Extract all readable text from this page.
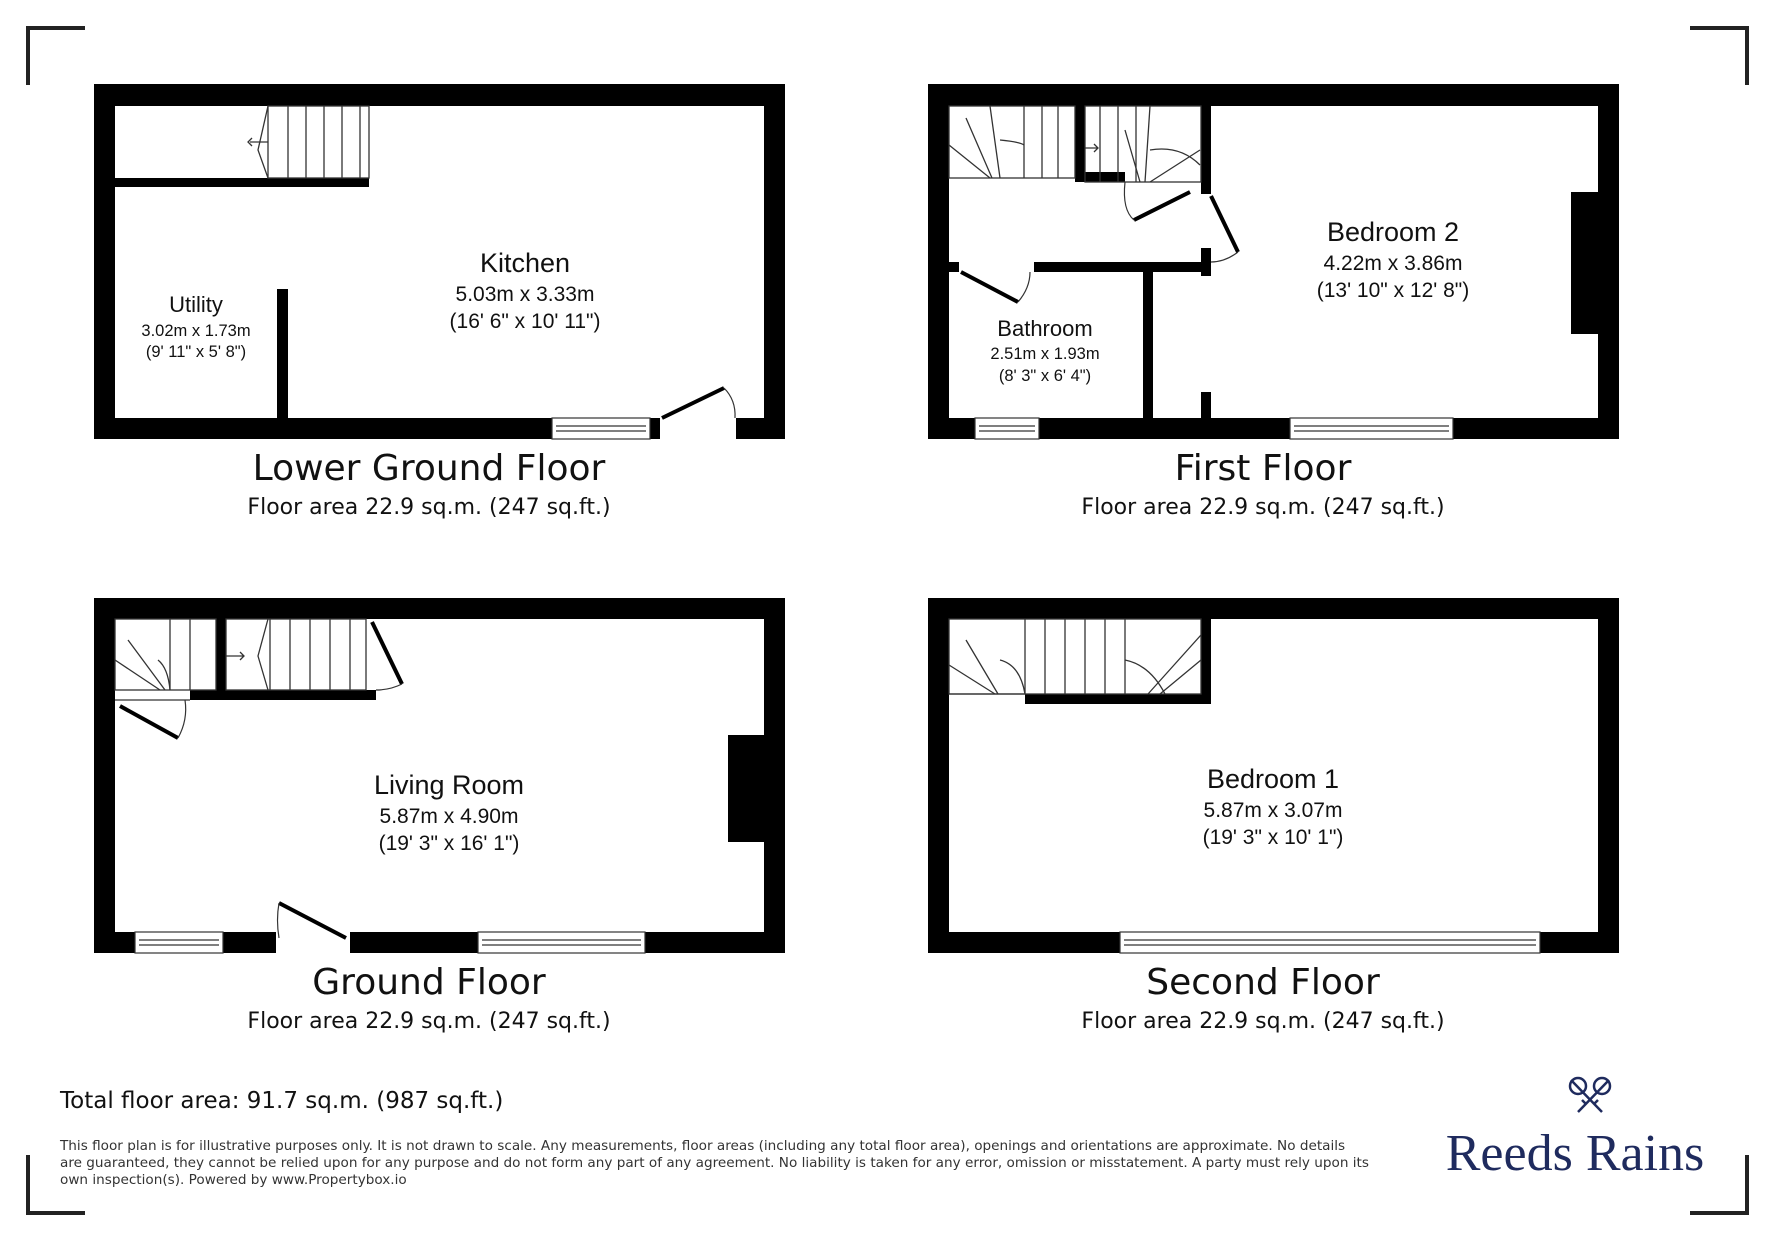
Kitchen
5.03m x 3.33m
(16' 6" x 10' 11")
Utility
3.02m x 1.73m
(9' 11" x 5' 8")
Bedroom 2
4.22m x 3.86m
(13' 10" x 12' 8")
Bathroom
2.51m x 1.93m
(8' 3" x 6' 4")
Living Room
5.87m x 4.90m
(19' 3" x 16' 1")
Bedroom 1
5.87m x 3.07m
(19' 3" x 10' 1")
Lower Ground Floor
Floor area 22.9 sq.m. (247 sq.ft.)
First Floor
Floor area 22.9 sq.m. (247 sq.ft.)
Ground Floor
Floor area 22.9 sq.m. (247 sq.ft.)
Second Floor
Floor area 22.9 sq.m. (247 sq.ft.)
Total floor area: 91.7 sq.m. (987 sq.ft.)
This floor plan is for illustrative purposes only. It is not drawn to scale. Any measurements, floor areas (including any total floor area), openings and orientations are approximate. No details are guaranteed, they cannot be relied upon for any purpose and do not form any part of any agreement. No liability is taken for any error, omission or misstatement. A party must rely upon its own inspection(s). Powered by www.Propertybox.io	Reeds Rains
